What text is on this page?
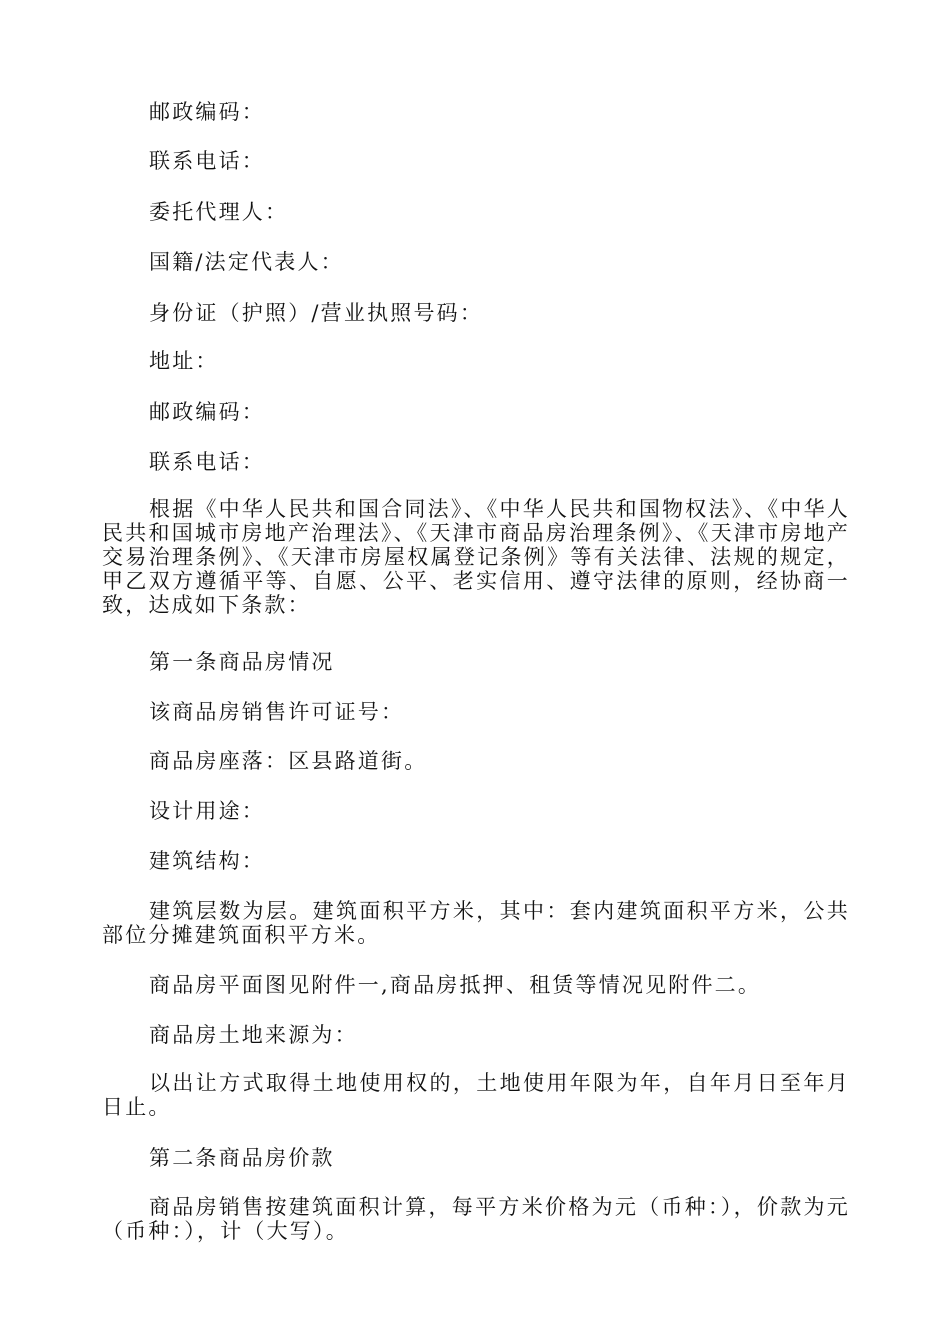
邮政编码：

联系电话：

委托代理人：

国籍/法定代表人：

身份证（护照）/营业执照号码：

地址：

邮政编码：

联系电话：

根据《中华人民共和国合同法》、《中华人民共和国物权法》、《中华人民共和国城市房地产治理法》、《天津市商品房治理条例》、《天津市房地产交易治理条例》、《天津市房屋权属登记条例》等有关法律、法规的规定，甲乙双方遵循平等、自愿、公平、老实信用、遵守法律的原则，经协商一致，达成如下条款：

第一条商品房情况

该商品房销售许可证号：

商品房座落：区县路道街。

设计用途：

建筑结构：

建筑层数为层。建筑面积平方米，其中：套内建筑面积平方米，公共部位分摊建筑面积平方米。

商品房平面图见附件一,商品房抵押、租赁等情况见附件二。

商品房土地来源为：

以出让方式取得土地使用权的，土地使用年限为年，自年月日至年月日止。

第二条商品房价款

商品房销售按建筑面积计算，每平方米价格为元（币种：），价款为元（币种：），计（大写）。
